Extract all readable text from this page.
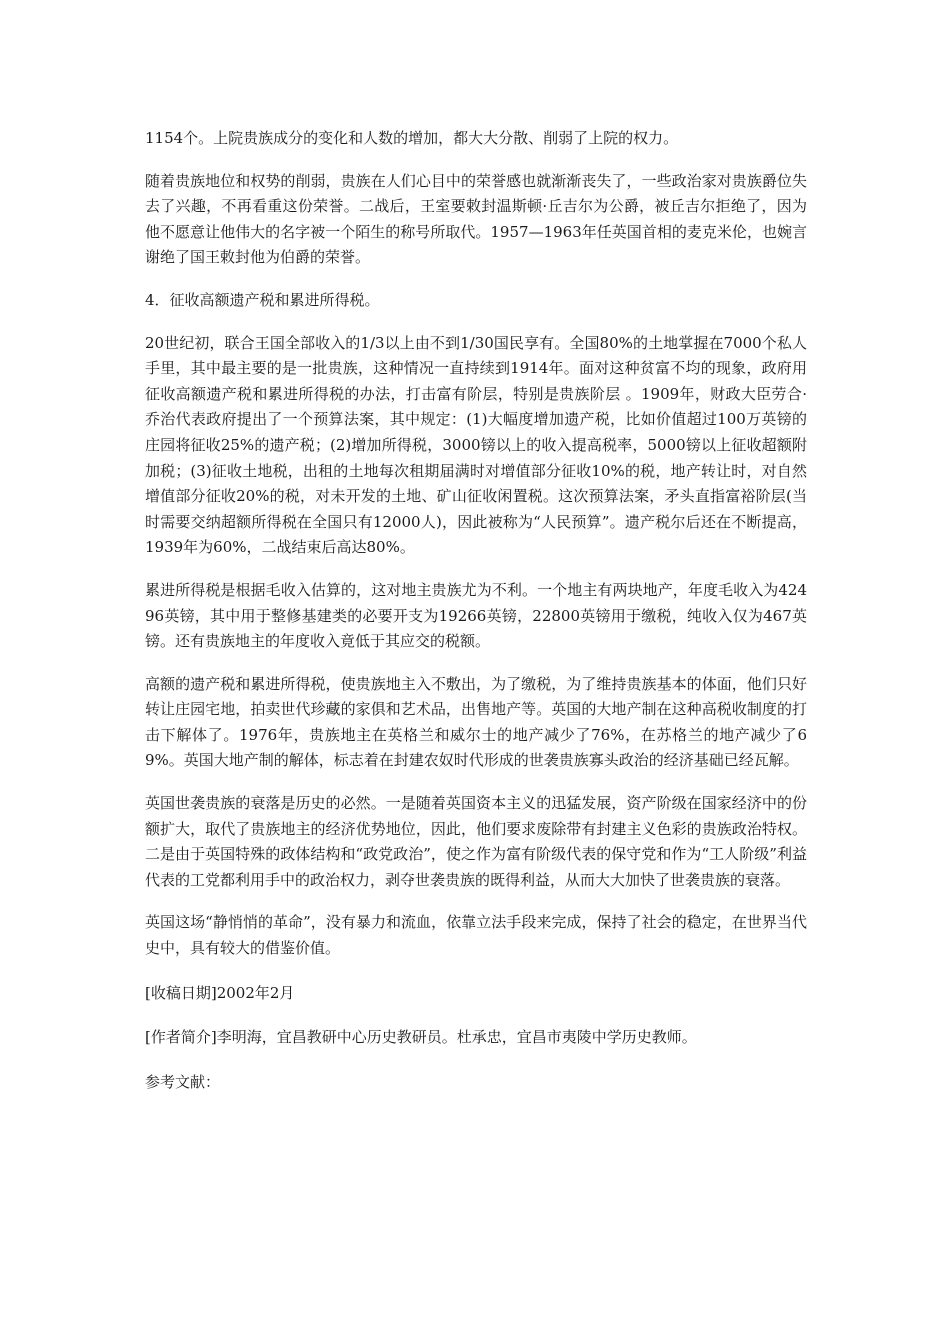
1154个。上院贵族成分的变化和人数的增加，都大大分散、削弱了上院的权力。

随着贵族地位和权势的削弱，贵族在人们心目中的荣誉感也就渐渐丧失了，一些政治家对贵族爵位失去了兴趣，不再看重这份荣誉。二战后，王室要敕封温斯顿·丘吉尔为公爵，被丘吉尔拒绝了，因为他不愿意让他伟大的名字被一个陌生的称号所取代。1957—1963年任英国首相的麦克米伦，也婉言谢绝了国王敕封他为伯爵的荣誉。

4．征收高额遗产税和累进所得税。

20世纪初，联合王国全部收入的1/3以上由不到1/30国民享有。全国80%的土地掌握在7000个私人手里，其中最主要的是一批贵族，这种情况一直持续到1914年。面对这种贫富不均的现象，政府用征收高额遗产税和累进所得税的办法，打击富有阶层，特别是贵族阶层 。1909年，财政大臣劳合·乔治代表政府提出了一个预算法案，其中规定：(1)大幅度增加遗产税，比如价值超过100万英镑的庄园将征收25%的遗产税；(2)增加所得税，3000镑以上的收入提高税率，5000镑以上征收超额附加税；(3)征收土地税，出租的土地每次租期届满时对增值部分征收10%的税，地产转让时，对自然增值部分征收20%的税，对未开发的土地、矿山征收闲置税。这次预算法案，矛头直指富裕阶层(当时需要交纳超额所得税在全国只有12000人)，因此被称为“人民预算”。遗产税尔后还在不断提高，1939年为60%，二战结束后高达80%。

累进所得税是根据毛收入估算的，这对地主贵族尤为不利。一个地主有两块地产，年度毛收入为42496英镑，其中用于整修基建类的必要开支为19266英镑，22800英镑用于缴税，纯收入仅为467英镑。还有贵族地主的年度收入竟低于其应交的税额。

高额的遗产税和累进所得税，使贵族地主入不敷出，为了缴税，为了维持贵族基本的体面，他们只好转让庄园宅地，拍卖世代珍藏的家俱和艺术品，出售地产等。英国的大地产制在这种高税收制度的打击下解体了。1976年，贵族地主在英格兰和威尔士的地产减少了76%，在苏格兰的地产减少了69%。英国大地产制的解体，标志着在封建农奴时代形成的世袭贵族寡头政治的经济基础已经瓦解。

英国世袭贵族的衰落是历史的必然。一是随着英国资本主义的迅猛发展，资产阶级在国家经济中的份额扩大，取代了贵族地主的经济优势地位，因此，他们要求废除带有封建主义色彩的贵族政治特权。二是由于英国特殊的政体结构和“政党政治”，使之作为富有阶级代表的保守党和作为“工人阶级”利益代表的工党都利用手中的政治权力，剥夺世袭贵族的既得利益，从而大大加快了世袭贵族的衰落。

英国这场“静悄悄的革命”，没有暴力和流血，依靠立法手段来完成，保持了社会的稳定，在世界当代史中，具有较大的借鉴价值。

[收稿日期]2002年2月

[作者简介]李明海，宜昌教研中心历史教研员。杜承忠，宜昌市夷陵中学历史教师。

参考文献：
